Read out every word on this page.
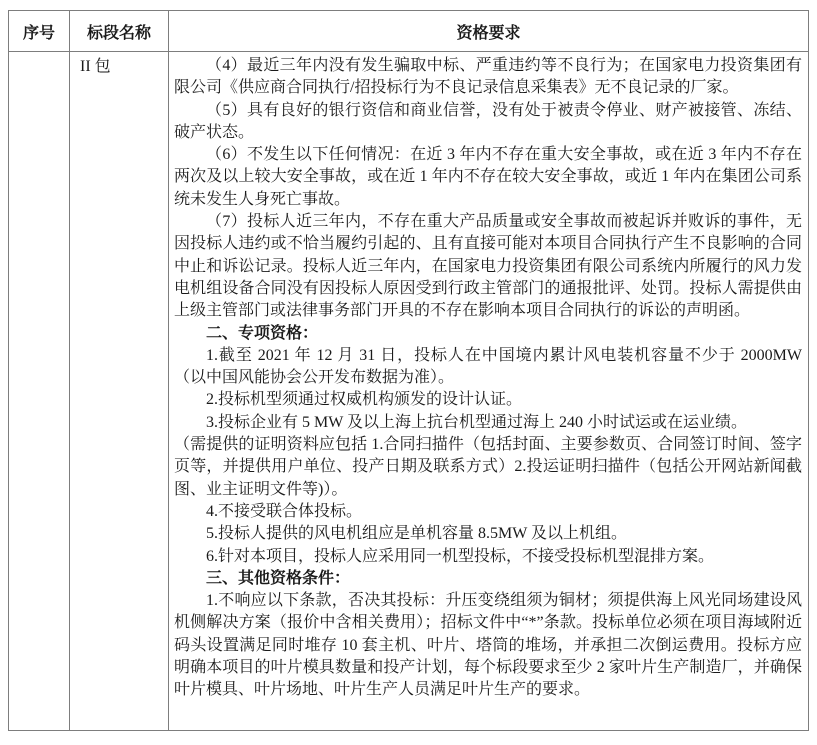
序号	标段名称	资格要求
	II 包	（4）最近三年内没有发生骗取中标、严重违约等不良行为；在国家电力投资集团有限公司《供应商合同执行/招投标行为不良记录信息采集表》无不良记录的厂家。

（5）具有良好的银行资信和商业信誉，没有处于被责令停业、财产被接管、冻结、破产状态。

（6）不发生以下任何情况：在近 3 年内不存在重大安全事故，或在近 3 年内不存在两次及以上较大安全事故，或在近 1 年内不存在较大安全事故，或近 1 年内在集团公司系统未发生人身死亡事故。

（7）投标人近三年内，不存在重大产品质量或安全事故而被起诉并败诉的事件，无因投标人违约或不恰当履约引起的、且有直接可能对本项目合同执行产生不良影响的合同中止和诉讼记录。投标人近三年内，在国家电力投资集团有限公司系统内所履行的风力发电机组设备合同没有因投标人原因受到行政主管部门的通报批评、处罚。投标人需提供由上级主管部门或法律事务部门开具的不存在影响本项目合同执行的诉讼的声明函。

二、专项资格：

1.截至 2021 年 12 月 31 日，投标人在中国境内累计风电装机容量不少于 2000MW（以中国风能协会公开发布数据为准）。

2.投标机型须通过权威机构颁发的设计认证。

3.投标企业有 5 MW 及以上海上抗台机型通过海上 240 小时试运或在运业绩。

（需提供的证明资料应包括 1.合同扫描件（包括封面、主要参数页、合同签订时间、签字页等，并提供用户单位、投产日期及联系方式）2.投运证明扫描件（包括公开网站新闻截图、业主证明文件等)）。

4.不接受联合体投标。

5.投标人提供的风电机组应是单机容量 8.5MW 及以上机组。

6.针对本项目，投标人应采用同一机型投标，不接受投标机型混排方案。

三、其他资格条件：

1.不响应以下条款，否决其投标：升压变绕组须为铜材；须提供海上风光同场建设风机侧解决方案（报价中含相关费用）；招标文件中“*”条款。投标单位必须在项目海域附近码头设置满足同时堆存 10 套主机、叶片、塔筒的堆场，并承担二次倒运费用。投标方应明确本项目的叶片模具数量和投产计划，每个标段要求至少 2 家叶片生产制造厂，并确保叶片模具、叶片场地、叶片生产人员满足叶片生产的要求。
